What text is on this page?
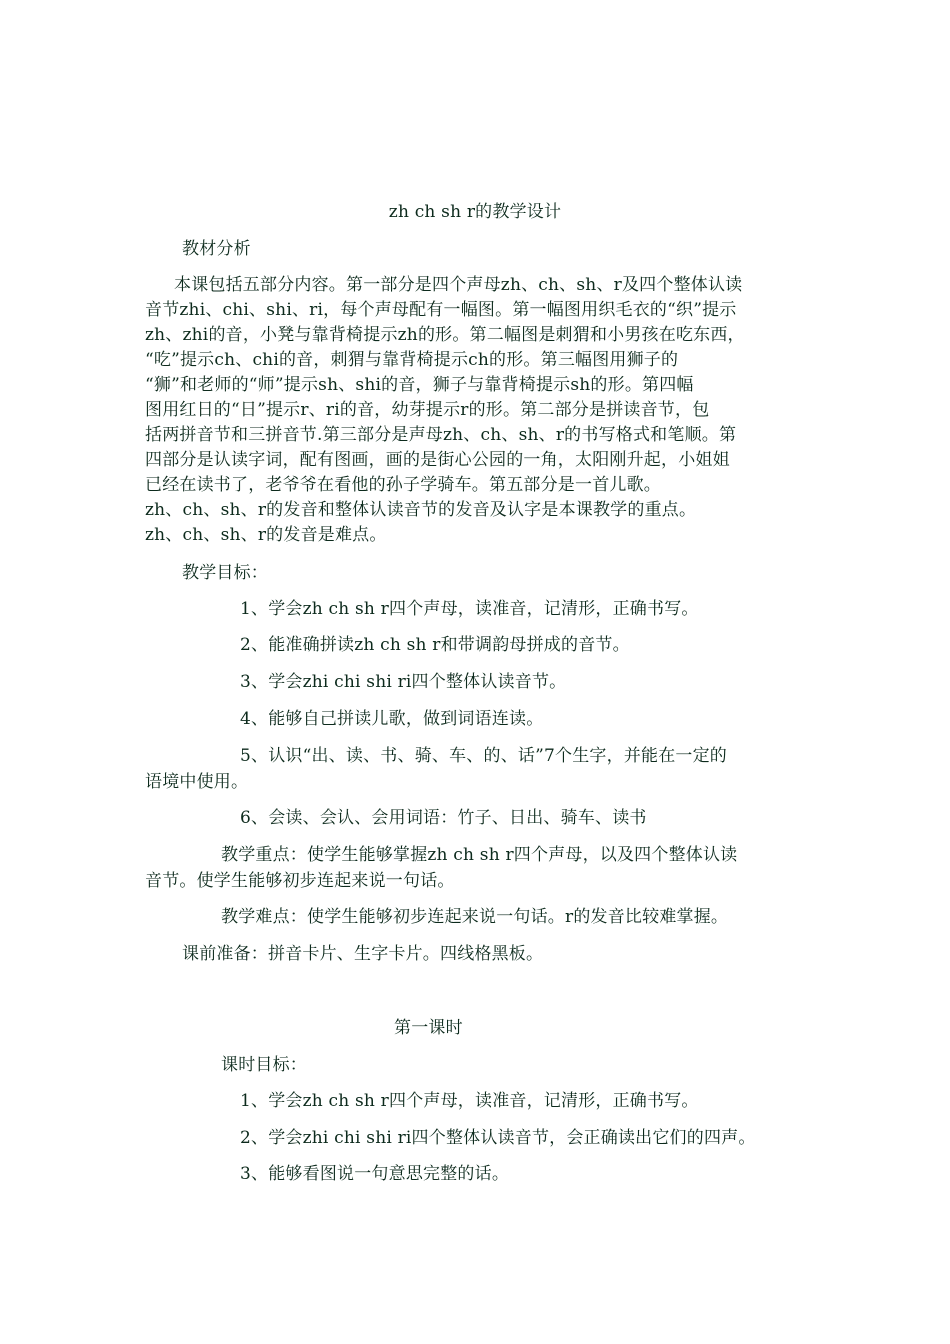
zh ch sh r的教学设计
教材分析
本课包括五部分内容。第一部分是四个声母zh、ch、sh、r及四个整体认读
音节zhi、chi、shi、ri，每个声母配有一幅图。第一幅图用织毛衣的“织”提示
zh、zhi的音，小凳与靠背椅提示zh的形。第二幅图是刺猬和小男孩在吃东西，
“吃”提示ch、chi的音，刺猬与靠背椅提示ch的形。第三幅图用狮子的
“狮”和老师的“师”提示sh、shi的音，狮子与靠背椅提示sh的形。第四幅
图用红日的“日”提示r、ri的音，幼芽提示r的形。第二部分是拼读音节，包
括两拼音节和三拼音节.第三部分是声母zh、ch、sh、r的书写格式和笔顺。第
四部分是认读字词，配有图画，画的是街心公园的一角，太阳刚升起，小姐姐
已经在读书了，老爷爷在看他的孙子学骑车。第五部分是一首儿歌。
zh、ch、sh、r的发音和整体认读音节的发音及认字是本课教学的重点。
zh、ch、sh、r的发音是难点。
教学目标：
1、学会zh ch sh r四个声母，读准音，记清形，正确书写。
2、能准确拼读zh ch sh r和带调韵母拼成的音节。
3、学会zhi chi shi ri四个整体认读音节。
4、能够自己拼读儿歌，做到词语连读。
5、认识“出、读、书、骑、车、的、话”7个生字，并能在一定的
语境中使用。
6、会读、会认、会用词语：竹子、日出、骑车、读书
教学重点：使学生能够掌握zh ch sh r四个声母，以及四个整体认读
音节。使学生能够初步连起来说一句话。
教学难点：使学生能够初步连起来说一句话。r的发音比较难掌握。
课前准备：拼音卡片、生字卡片。四线格黑板。
第一课时
课时目标：
1、学会zh ch sh r四个声母，读准音，记清形，正确书写。
2、学会zhi chi shi ri四个整体认读音节，会正确读出它们的四声。
3、能够看图说一句意思完整的话。
